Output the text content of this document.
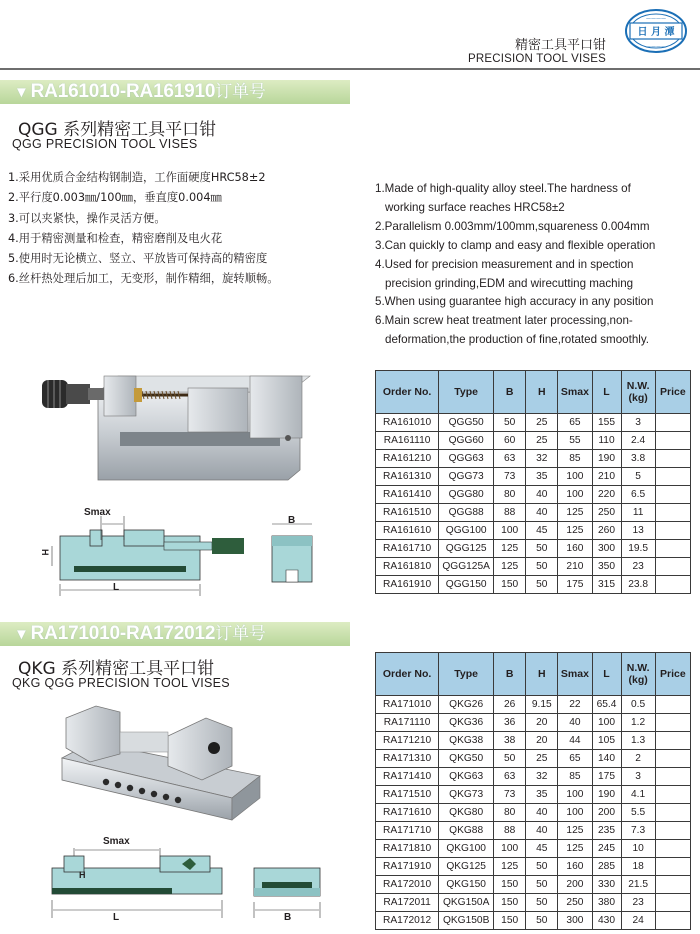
精密工具平口钳
PRECISION TOOL VISES
日 月 潭
————
————
▼ RA161010-RA161910订单号
QGG 系列精密工具平口钳
QGG PRECISION TOOL VISES
1.采用优质合金结构钢制造，工作面硬度HRC58±2
2.平行度0.003㎜/100㎜，垂直度0.004㎜
3.可以夹紧快，操作灵活方便。
4.用于精密测量和检查，精密磨削及电火花
5.使用时无论横立、竖立、平放皆可保持高的精密度
6.丝杆热处理后加工，无变形，制作精细，旋转顺畅。
1.Made of high-quality alloy steel.The hardness of
working surface reaches HRC58±2
2.Parallelism 0.003mm/100mm,squareness 0.004mm
3.Can quickly to clamp and easy and flexible operation
4.Used for precision measurement and in spection
precision grinding,EDM and wirecutting maching
5.When using guarantee high accuracy in any position
6.Main screw heat treatment later processing,non-
deformation,the production of fine,rotated smoothly.
Smax
H
L
B
Order No.	Type	B	H	Smax	L	N.W.
(kg)	Price
RA161010	QGG50	50	25	65	155	3	
RA161110	QGG60	60	25	55	110	2.4	
RA161210	QGG63	63	32	85	190	3.8	
RA161310	QGG73	73	35	100	210	5	
RA161410	QGG80	80	40	100	220	6.5	
RA161510	QGG88	88	40	125	250	11	
RA161610	QGG100	100	45	125	260	13	
RA161710	QGG125	125	50	160	300	19.5	
RA161810	QGG125A	125	50	210	350	23	
RA161910	QGG150	150	50	175	315	23.8	
▼ RA171010-RA172012订单号
QKG 系列精密工具平口钳
QKG QGG PRECISION TOOL VISES
Smax
H
L	B
Order No.	Type	B	H	Smax	L	N.W.
(kg)	Price
RA171010	QKG26	26	9.15	22	65.4	0.5	
RA171110	QKG36	36	20	40	100	1.2	
RA171210	QKG38	38	20	44	105	1.3	
RA171310	QKG50	50	25	65	140	2	
RA171410	QKG63	63	32	85	175	3	
RA171510	QKG73	73	35	100	190	4.1	
RA171610	QKG80	80	40	100	200	5.5	
RA171710	QKG88	88	40	125	235	7.3	
RA171810	QKG100	100	45	125	245	10	
RA171910	QKG125	125	50	160	285	18	
RA172010	QKG150	150	50	200	330	21.5	
RA172011	QKG150A	150	50	250	380	23	
RA172012	QKG150B	150	50	300	430	24	
